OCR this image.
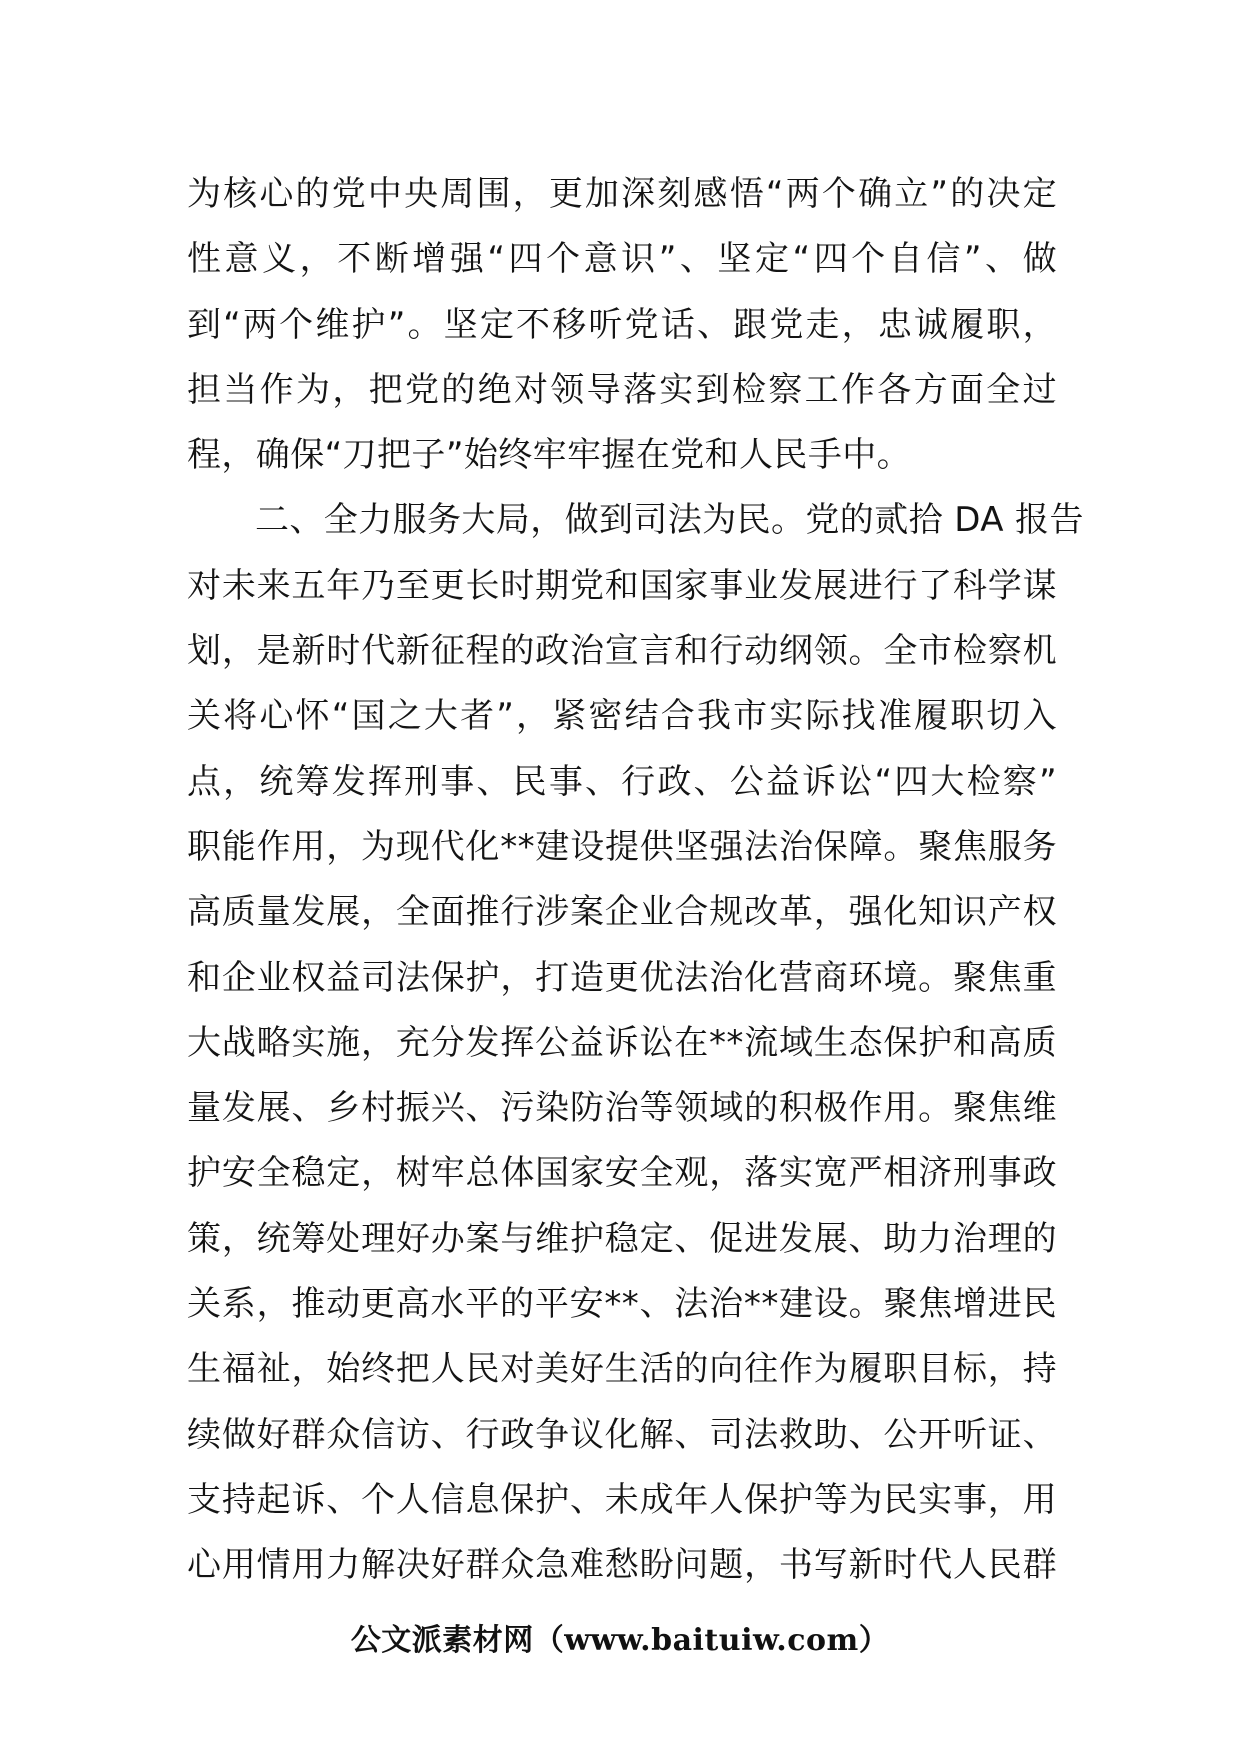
为核心的党中央周围，更加深刻感悟“两个确立”的决定
性意义，不断增强“四个意识”、坚定“四个自信”、做
到“两个维护”。坚定不移听党话、跟党走，忠诚履职，
担当作为，把党的绝对领导落实到检察工作各方面全过
程，确保“刀把子”始终牢牢握在党和人民手中。
二、全力服务大局，做到司法为民。党的贰拾 DA 报告
对未来五年乃至更长时期党和国家事业发展进行了科学谋
划，是新时代新征程的政治宣言和行动纲领。全市检察机
关将心怀“国之大者”，紧密结合我市实际找准履职切入
点，统筹发挥刑事、民事、行政、公益诉讼“四大检察”
职能作用，为现代化**建设提供坚强法治保障。聚焦服务
高质量发展，全面推行涉案企业合规改革，强化知识产权
和企业权益司法保护，打造更优法治化营商环境。聚焦重
大战略实施，充分发挥公益诉讼在**流域生态保护和高质
量发展、乡村振兴、污染防治等领域的积极作用。聚焦维
护安全稳定，树牢总体国家安全观，落实宽严相济刑事政
策，统筹处理好办案与维护稳定、促进发展、助力治理的
关系，推动更高水平的平安**、法治**建设。聚焦增进民
生福祉，始终把人民对美好生活的向往作为履职目标，持
续做好群众信访、行政争议化解、司法救助、公开听证、
支持起诉、个人信息保护、未成年人保护等为民实事，用
心用情用力解决好群众急难愁盼问题，书写新时代人民群
公文派素材网（www.baituiw.com）
